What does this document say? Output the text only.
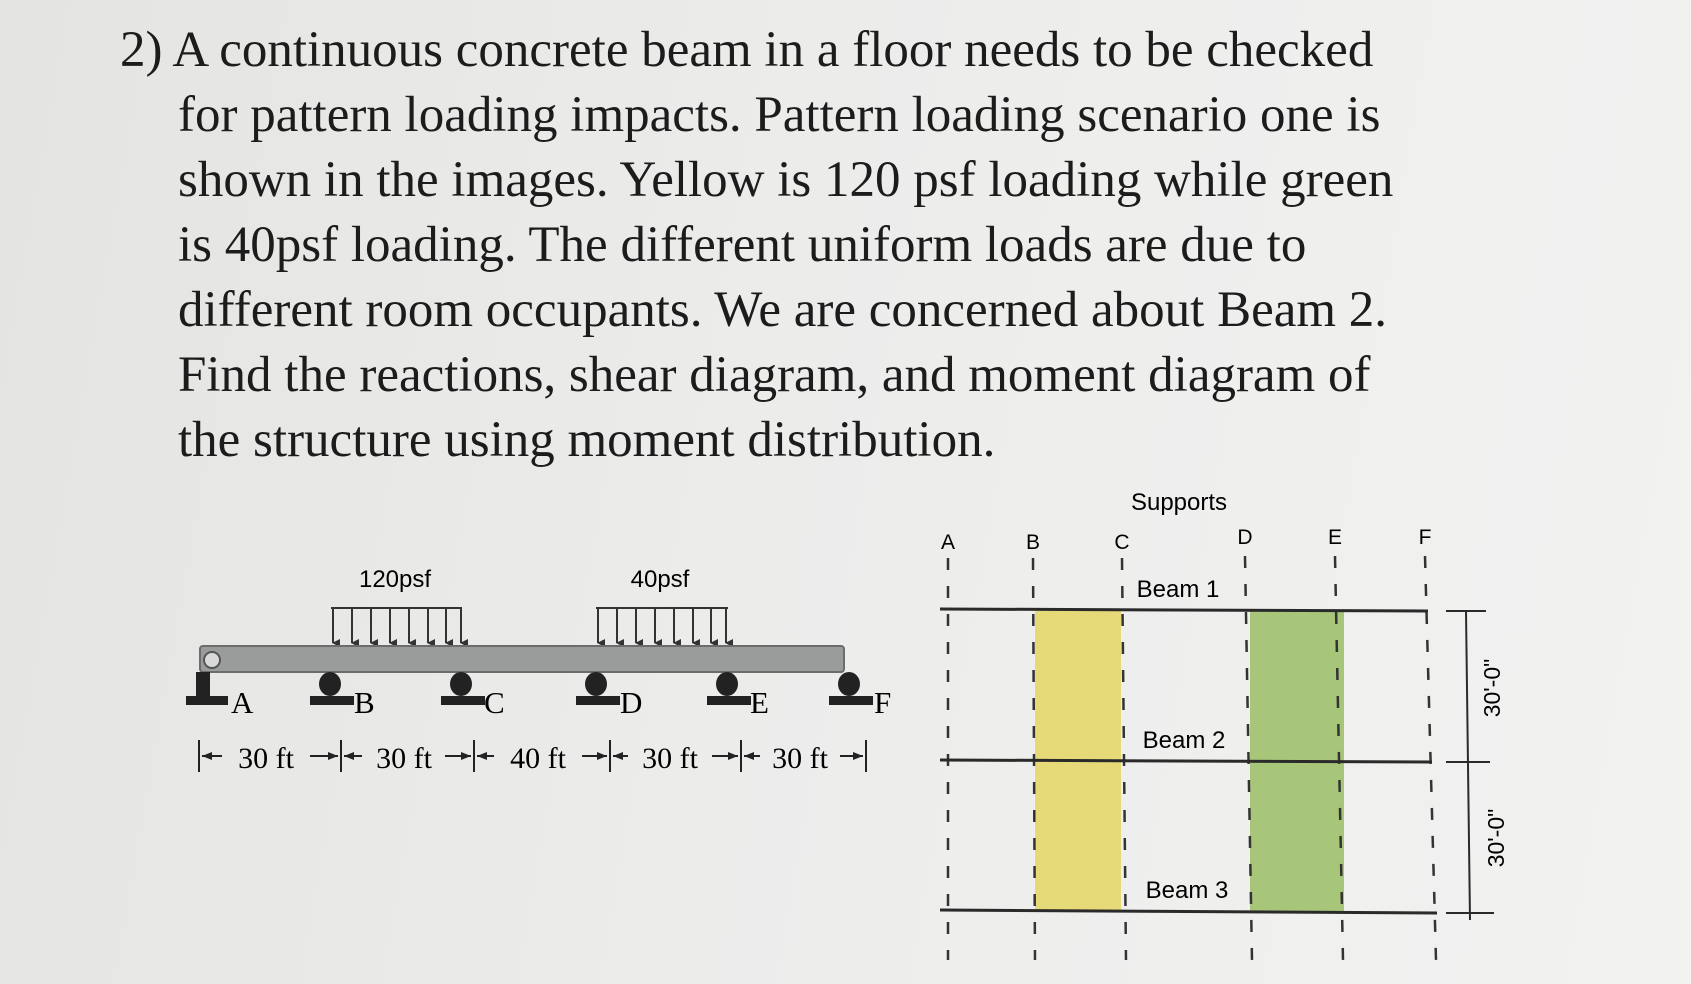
2) A continuous concrete beam in a floor needs to be checked
for pattern loading impacts. Pattern loading scenario one is
shown in the images. Yellow is 120 psf loading while green
is 40psf loading. The different uniform loads are due to
different room occupants. We are concerned about Beam 2.
Find the reactions, shear diagram, and moment diagram of
the structure using moment distribution.
120psf	40psf
A	B	C	D	E	F
30 ft	30 ft	40 ft	30 ft 30 ft
Supports
A	B	C	D	E	F
Beam 1
Beam 2
Beam 3
30'-0"
30'-0"
